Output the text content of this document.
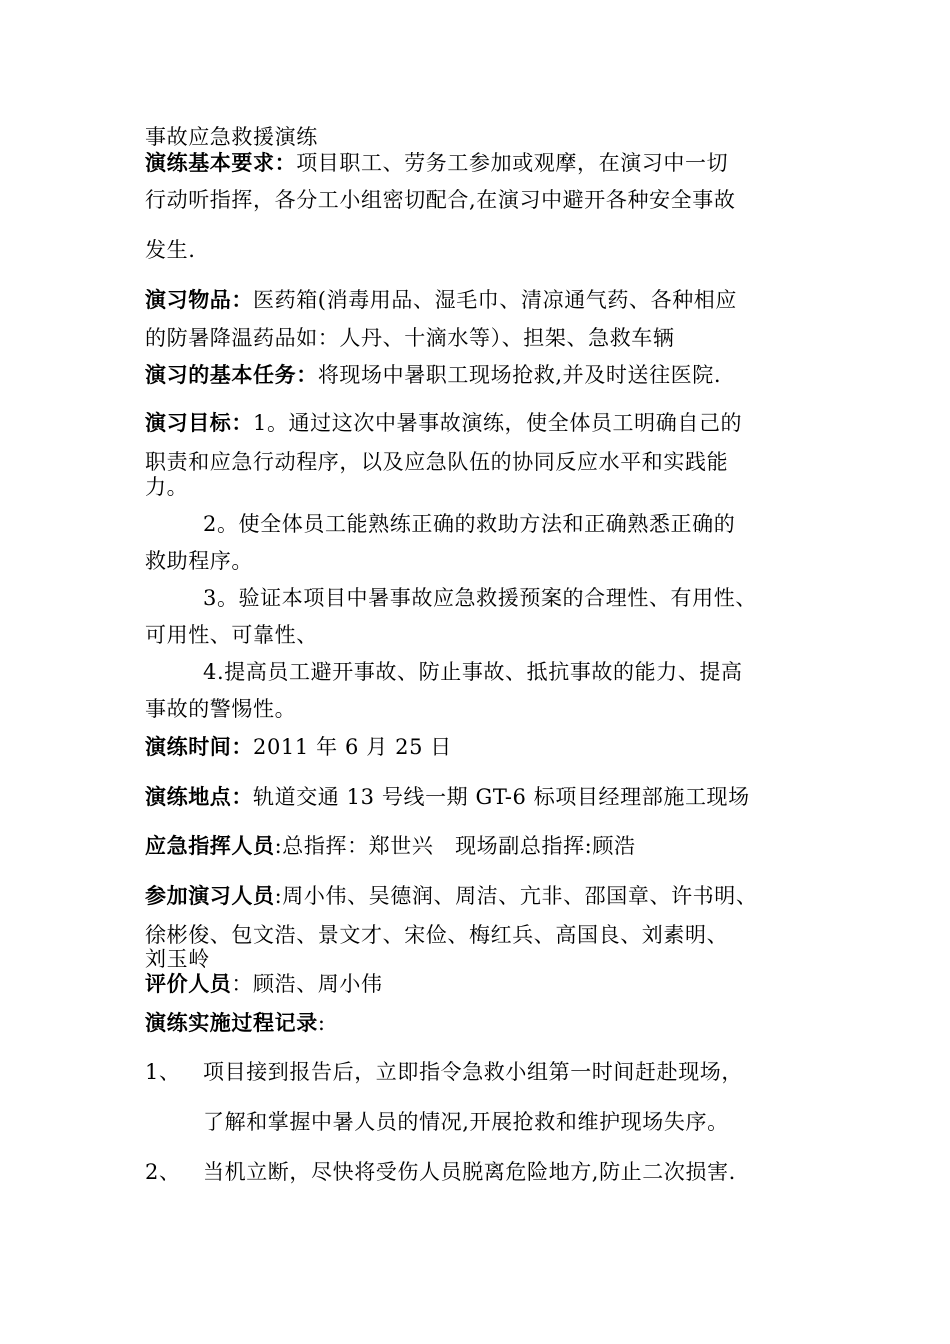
事故应急救援演练
演练基本要求：项目职工、劳务工参加或观摩，在演习中一切
行动听指挥，各分工小组密切配合,在演习中避开各种安全事故
发生.
演习物品：医药箱(消毒用品、湿毛巾、清凉通气药、各种相应
的防暑降温药品如：人丹、十滴水等）、担架、急救车辆
演习的基本任务：将现场中暑职工现场抢救,并及时送往医院.
演习目标：1。通过这次中暑事故演练，使全体员工明确自己的
职责和应急行动程序，以及应急队伍的协同反应水平和实践能
力。
2。使全体员工能熟练正确的救助方法和正确熟悉正确的
救助程序。
3。验证本项目中暑事故应急救援预案的合理性、有用性、
可用性、可靠性、
4.提高员工避开事故、防止事故、抵抗事故的能力、提高
事故的警惕性。
演练时间：2011 年 6 月 25 日
演练地点：轨道交通 13 号线一期 GT-6 标项目经理部施工现场
应急指挥人员:总指挥：郑世兴　现场副总指挥:顾浩
参加演习人员:周小伟、吴德润、周洁、亢非、邵国章、许书明、
徐彬俊、包文浩、景文才、宋俭、梅红兵、高国良、刘素明、
刘玉岭
评价人员：顾浩、周小伟
演练实施过程记录:
1、 项目接到报告后，立即指令急救小组第一时间赶赴现场，
了解和掌握中暑人员的情况,开展抢救和维护现场失序。
2、 当机立断，尽快将受伤人员脱离危险地方,防止二次损害.
